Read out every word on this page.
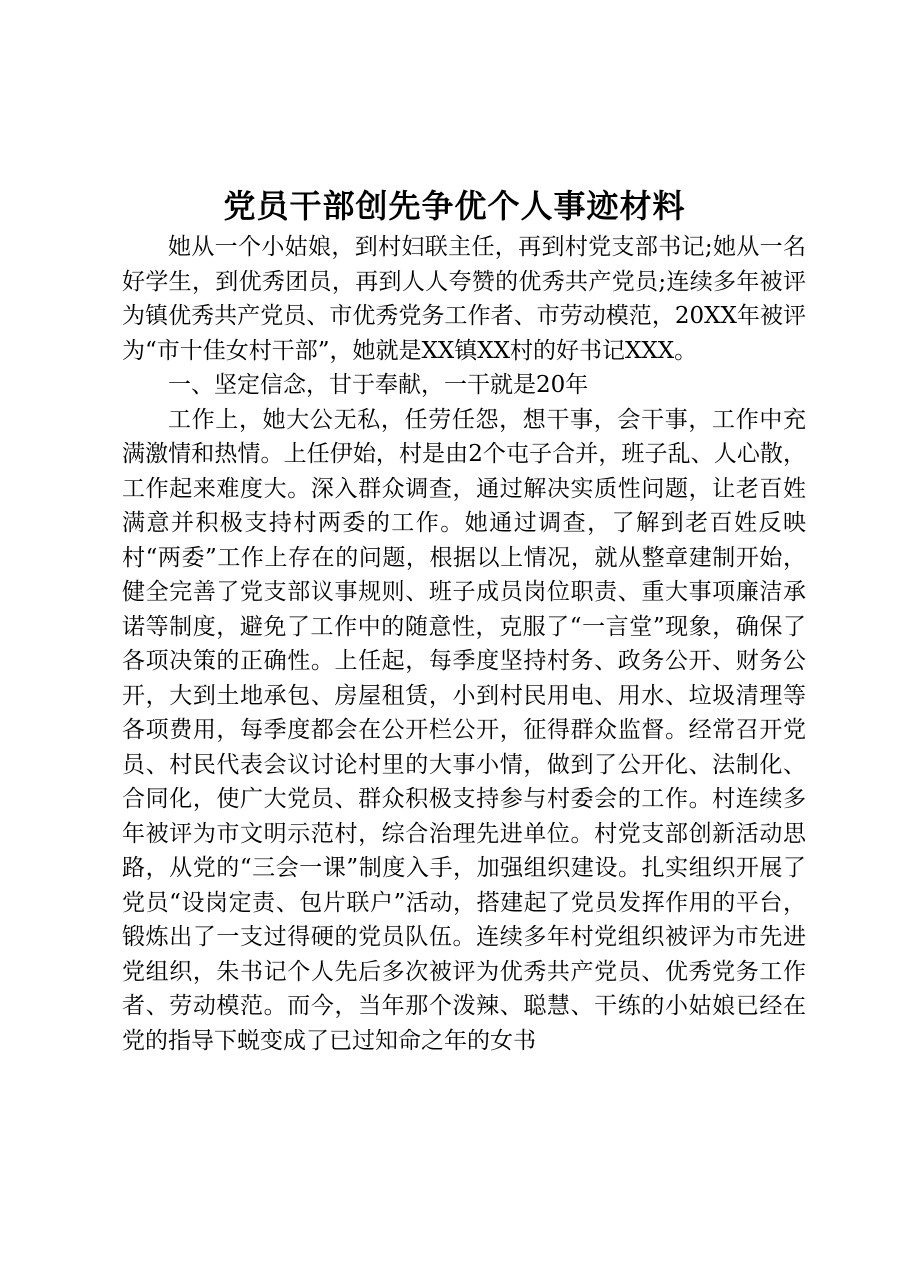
党员干部创先争优个人事迹材料

她从一个小姑娘，到村妇联主任，再到村党支部书记;她从一名好学生，到优秀团员，再到人人夸赞的优秀共产党员;连续多年被评为镇优秀共产党员、市优秀党务工作者、市劳动模范，20XX年被评为“市十佳女村干部”，她就是XX镇XX村的好书记XXX。

一、坚定信念，甘于奉献，一干就是20年

工作上，她大公无私，任劳任怨，想干事，会干事，工作中充满激情和热情。上任伊始，村是由2个屯子合并，班子乱、人心散，工作起来难度大。深入群众调查，通过解决实质性问题，让老百姓满意并积极支持村两委的工作。她通过调查，了解到老百姓反映村“两委”工作上存在的问题，根据以上情况，就从整章建制开始，健全完善了党支部议事规则、班子成员岗位职责、重大事项廉洁承诺等制度，避免了工作中的随意性，克服了“一言堂”现象，确保了各项决策的正确性。上任起，每季度坚持村务、政务公开、财务公开，大到土地承包、房屋租赁，小到村民用电、用水、垃圾清理等各项费用，每季度都会在公开栏公开，征得群众监督。经常召开党员、村民代表会议讨论村里的大事小情，做到了公开化、法制化、合同化，使广大党员、群众积极支持参与村委会的工作。村连续多年被评为市文明示范村，综合治理先进单位。村党支部创新活动思路，从党的“三会一课”制度入手，加强组织建设。扎实组织开展了党员“设岗定责、包片联户”活动，搭建起了党员发挥作用的平台，锻炼出了一支过得硬的党员队伍。连续多年村党组织被评为市先进党组织，朱书记个人先后多次被评为优秀共产党员、优秀党务工作者、劳动模范。而今，当年那个泼辣、聪慧、干练的小姑娘已经在党的指导下蜕变成了已过知命之年的女书
